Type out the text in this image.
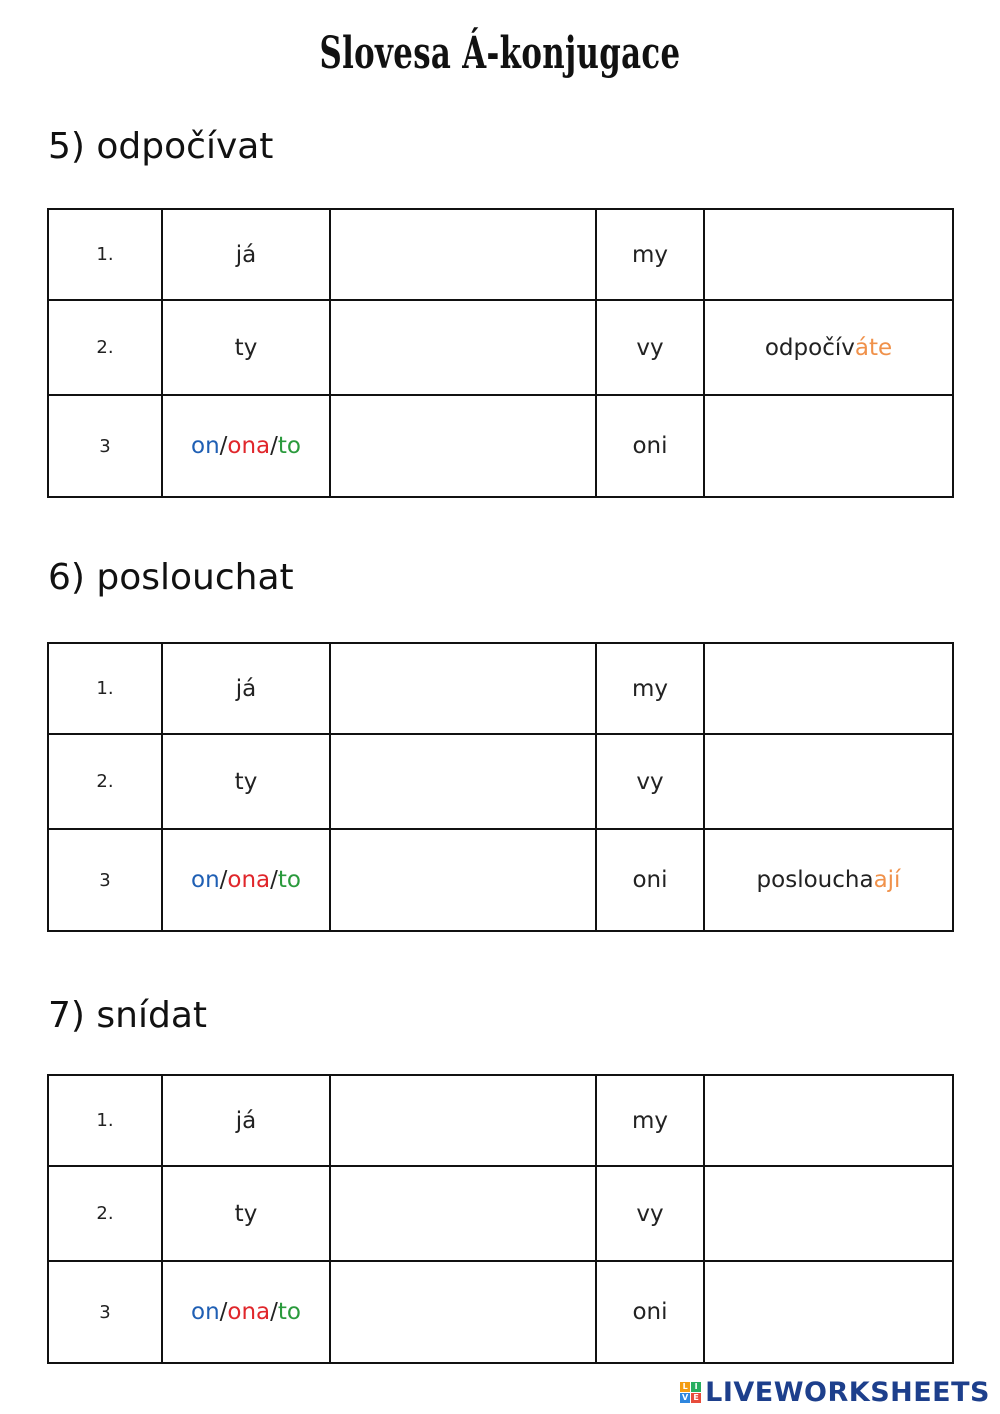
Slovesa Á-konjugace
5) odpočívat
1.	já		my	
2.	ty		vy	odpočíváte
3	on/ona/to		oni	
6) poslouchat
1.	já		my	
2.	ty		vy	
3	on/ona/to		oni	poslouchaají
7) snídat
1.	já		my	
2.	ty		vy	
3	on/ona/to		oni	
L I
V E LIVEWORKSHEETS
